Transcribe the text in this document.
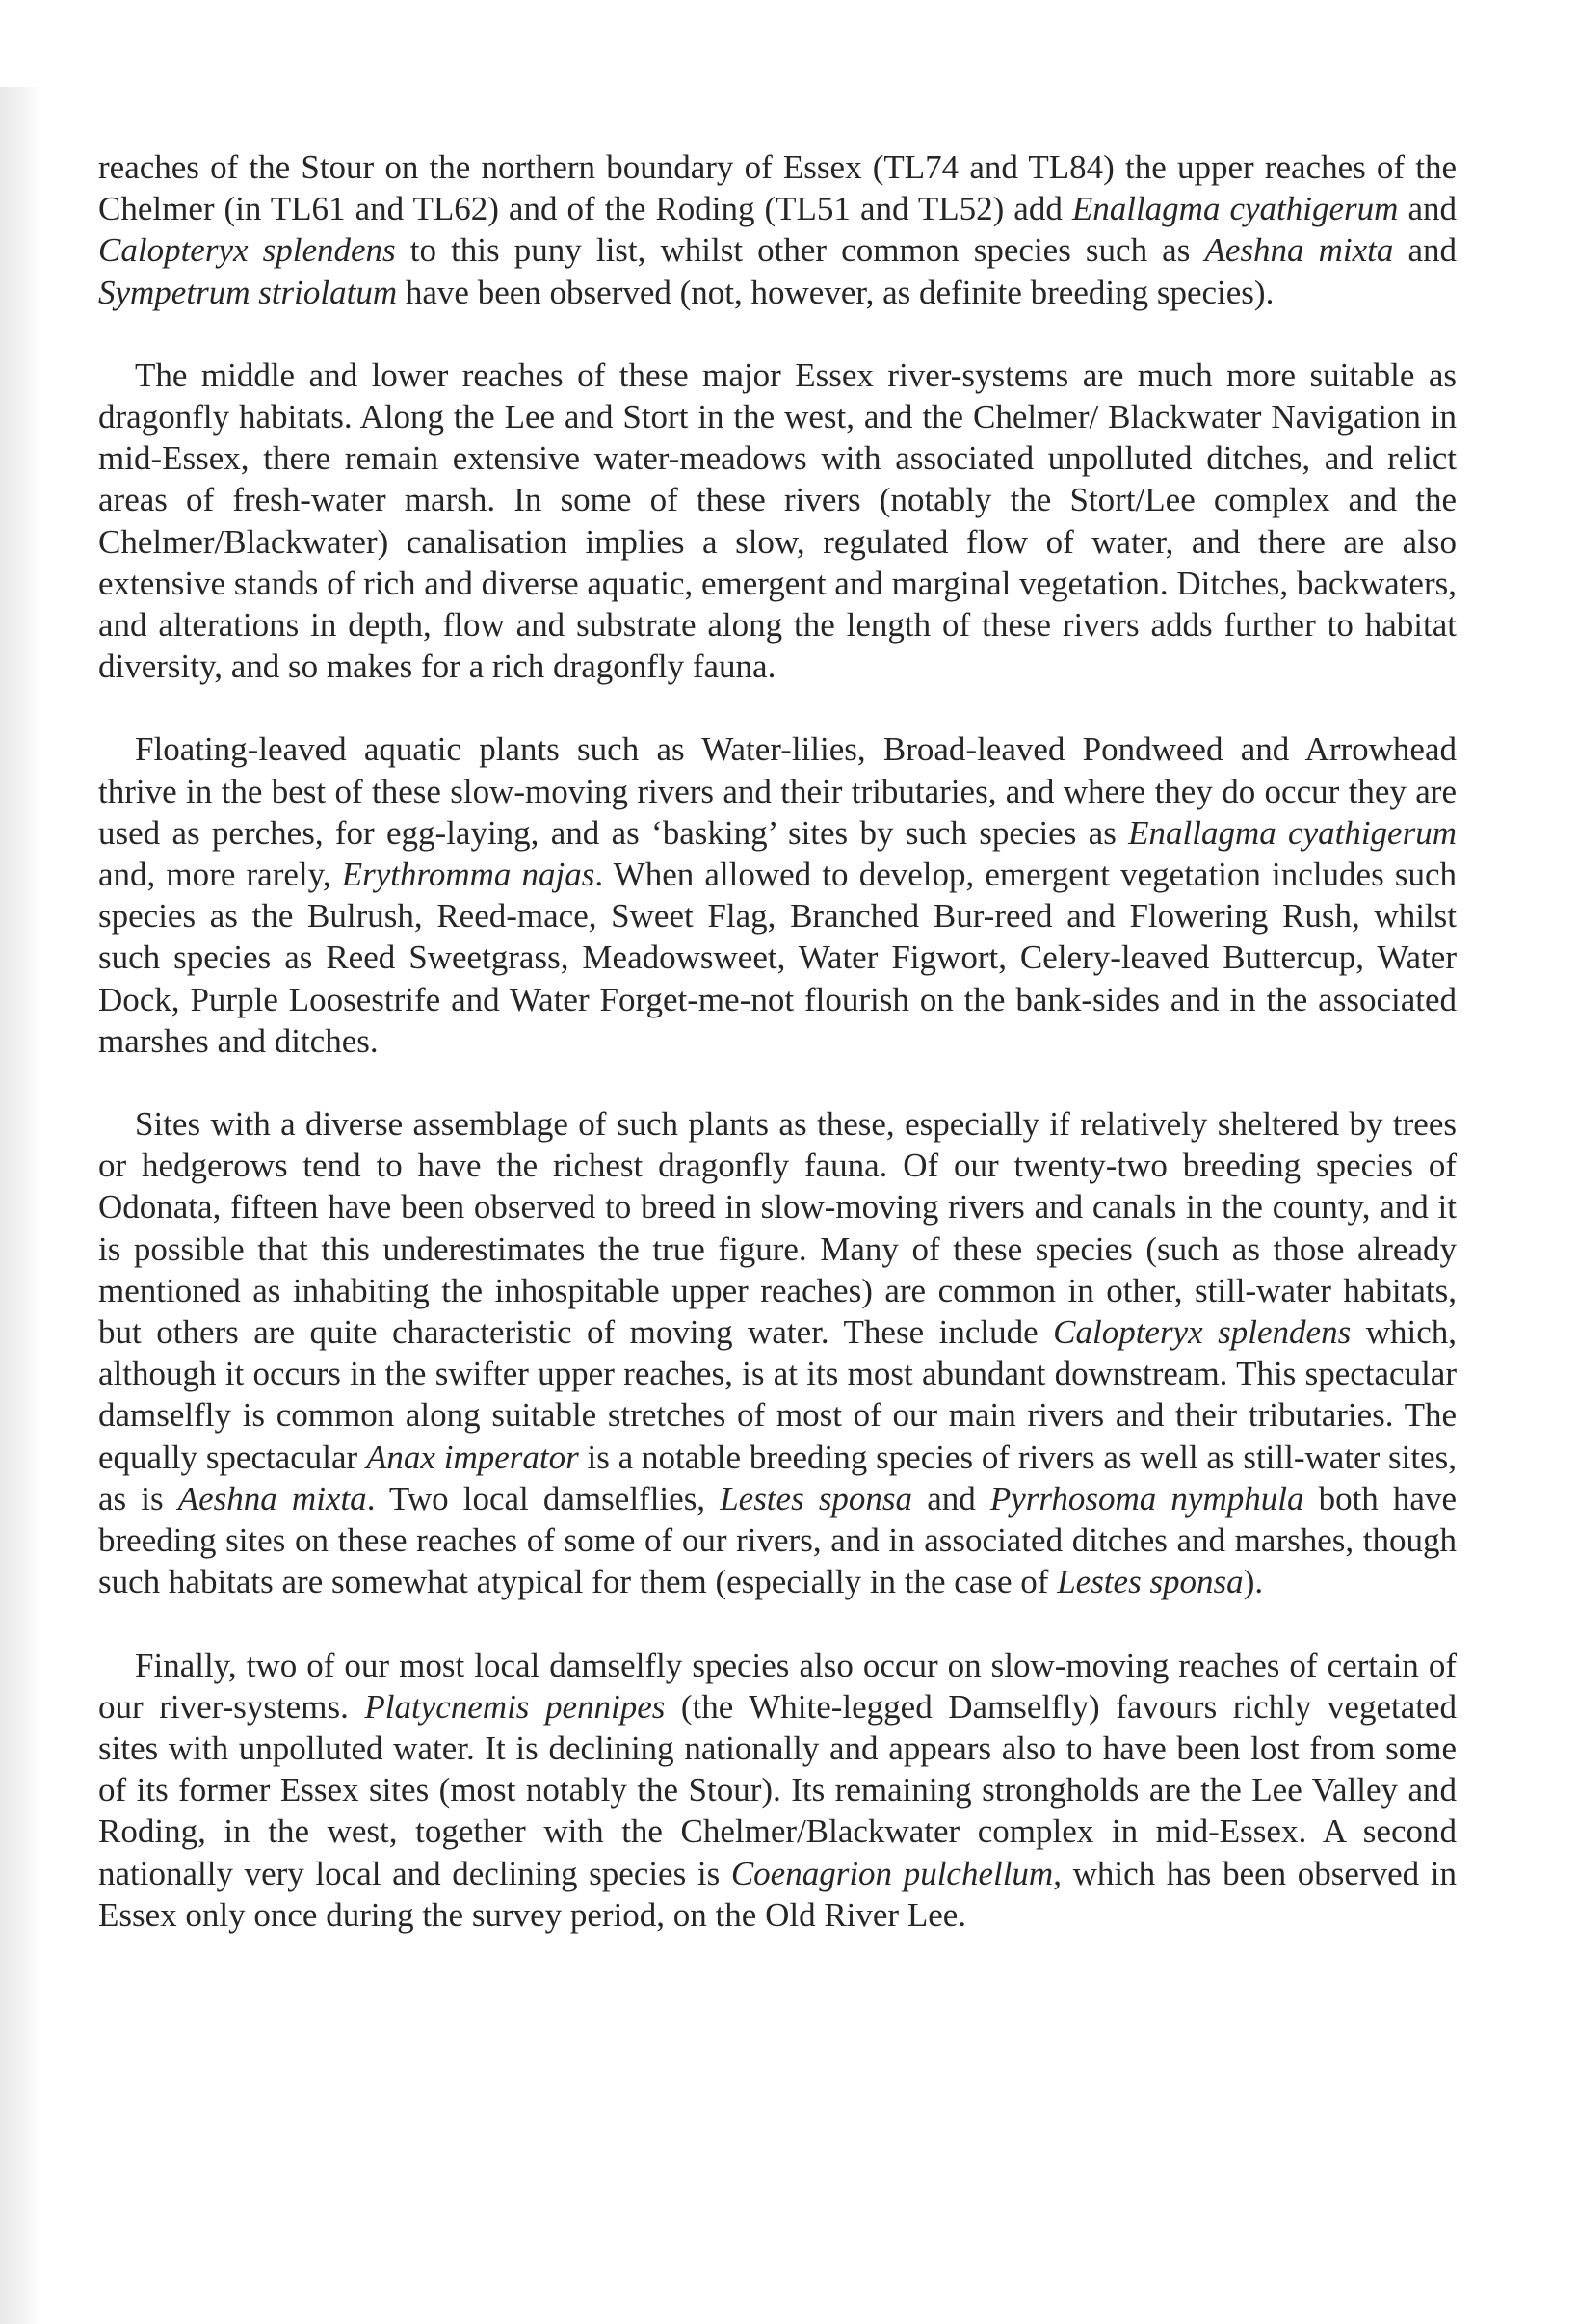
reaches of the Stour on the northern boundary of Essex (TL74 and TL84) the upper reaches of the Chelmer (in TL61 and TL62) and of the Roding (TL51 and TL52) add Enallagma cyathigerum and Calopteryx splendens to this puny list, whilst other common species such as Aeshna mixta and Sympetrum striolatum have been observed (not, however, as definite breeding species).

The middle and lower reaches of these major Essex river-systems are much more suitable as dragonfly habitats. Along the Lee and Stort in the west, and the Chelmer/ Blackwater Navigation in mid-Essex, there remain extensive water-meadows with associated unpolluted ditches, and relict areas of fresh-water marsh. In some of these rivers (notably the Stort/Lee complex and the Chelmer/Blackwater) canalisation implies a slow, regulated flow of water, and there are also extensive stands of rich and diverse aquatic, emergent and marginal vegetation. Ditches, backwaters, and alterations in depth, flow and substrate along the length of these rivers adds further to habitat diversity, and so makes for a rich dragonfly fauna.

Floating-leaved aquatic plants such as Water-lilies, Broad-leaved Pondweed and Arrowhead thrive in the best of these slow-moving rivers and their tributaries, and where they do occur they are used as perches, for egg-laying, and as ‘basking’ sites by such species as Enallagma cyathigerum and, more rarely, Erythromma najas. When allowed to develop, emergent vegetation includes such species as the Bulrush, Reed-mace, Sweet Flag, Branched Bur-reed and Flowering Rush, whilst such species as Reed Sweetgrass, Meadowsweet, Water Figwort, Celery-leaved Buttercup, Water Dock, Purple Loosestrife and Water Forget-me-not flourish on the bank-sides and in the associated marshes and ditches.

Sites with a diverse assemblage of such plants as these, especially if relatively sheltered by trees or hedgerows tend to have the richest dragonfly fauna. Of our twenty-two breeding species of Odonata, fifteen have been observed to breed in slow-moving rivers and canals in the county, and it is possible that this underestimates the true figure. Many of these species (such as those already mentioned as inhabiting the inhospitable upper reaches) are common in other, still-water habitats, but others are quite characteristic of moving water. These include Calopteryx splendens which, although it occurs in the swifter upper reaches, is at its most abundant downstream. This spectacular damselfly is common along suitable stretches of most of our main rivers and their tributaries. The equally spectacular Anax imperator is a notable breeding species of rivers as well as still-water sites, as is Aeshna mixta. Two local damselflies, Lestes sponsa and Pyrrhosoma nymphula both have breeding sites on these reaches of some of our rivers, and in associated ditches and marshes, though such habitats are somewhat atypical for them (especially in the case of Lestes sponsa).

Finally, two of our most local damselfly species also occur on slow-moving reaches of certain of our river-systems. Platycnemis pennipes (the White-legged Damselfly) favours richly vegetated sites with unpolluted water. It is declining nationally and appears also to have been lost from some of its former Essex sites (most notably the Stour). Its remaining strongholds are the Lee Valley and Roding, in the west, together with the Chelmer/Blackwater complex in mid-Essex. A second nationally very local and declining species is Coenagrion pulchellum, which has been observed in Essex only once during the survey period, on the Old River Lee.
